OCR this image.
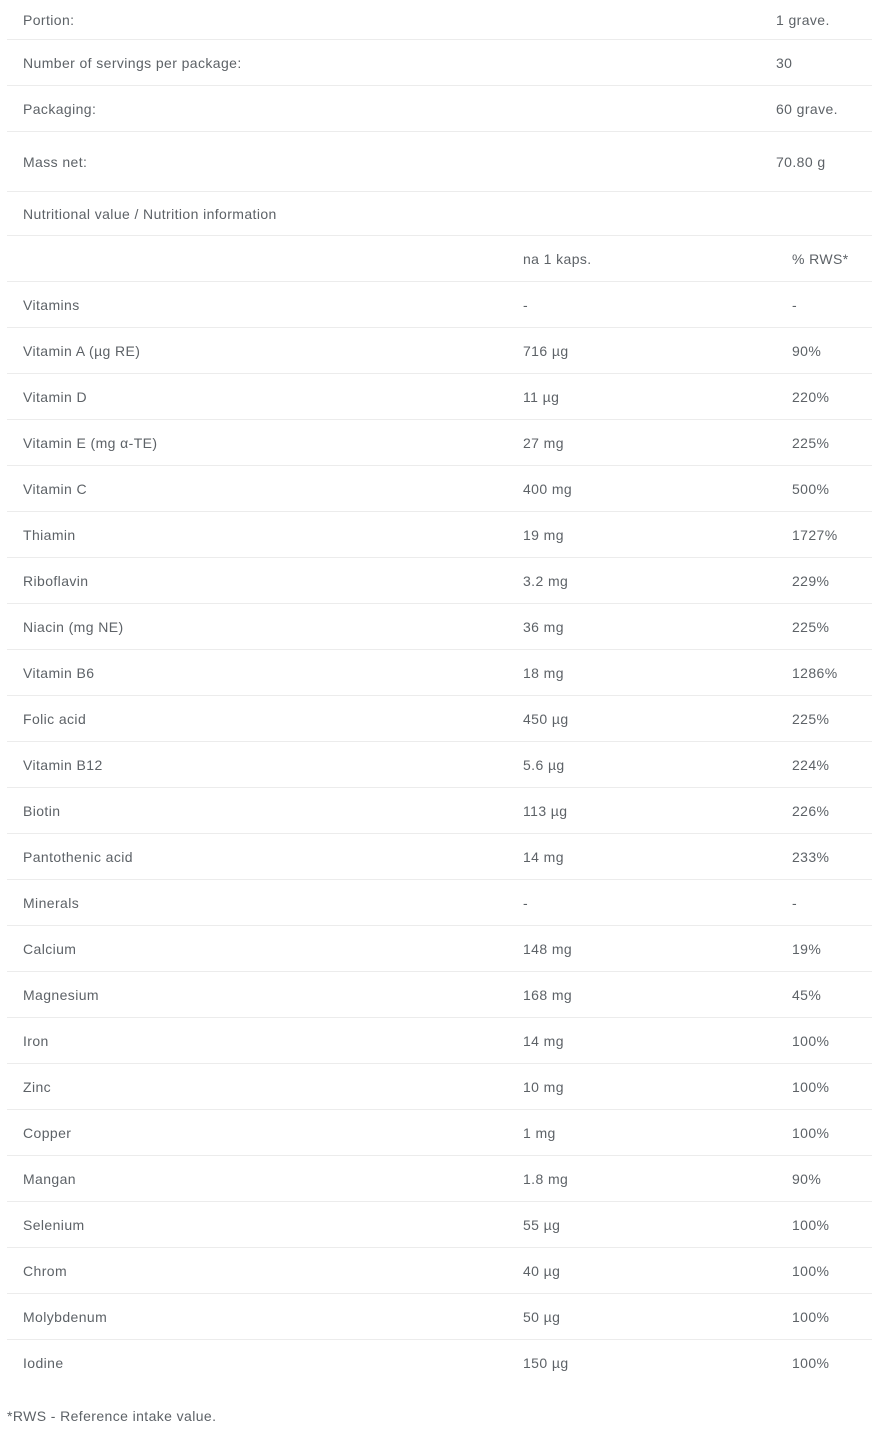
Portion:	1 grave.
Number of servings per package:	30
Packaging:	60 grave.
Mass net:	70.80 g
Nutritional value / Nutrition information
na 1 kaps.	% RWS*
Vitamins	-	-
Vitamin A (µg RE)	716 µg	90%
Vitamin D	11 µg	220%
Vitamin E (mg α-TE)	27 mg	225%
Vitamin C	400 mg	500%
Thiamin	19 mg	1727%
Riboflavin	3.2 mg	229%
Niacin (mg NE)	36 mg	225%
Vitamin B6	18 mg	1286%
Folic acid	450 µg	225%
Vitamin B12	5.6 µg	224%
Biotin	113 µg	226%
Pantothenic acid	14 mg	233%
Minerals	-	-
Calcium	148 mg	19%
Magnesium	168 mg	45%
Iron	14 mg	100%
Zinc	10 mg	100%
Copper	1 mg	100%
Mangan	1.8 mg	90%
Selenium	55 µg	100%
Chrom	40 µg	100%
Molybdenum	50 µg	100%
Iodine	150 µg	100%
*RWS - Reference intake value.
